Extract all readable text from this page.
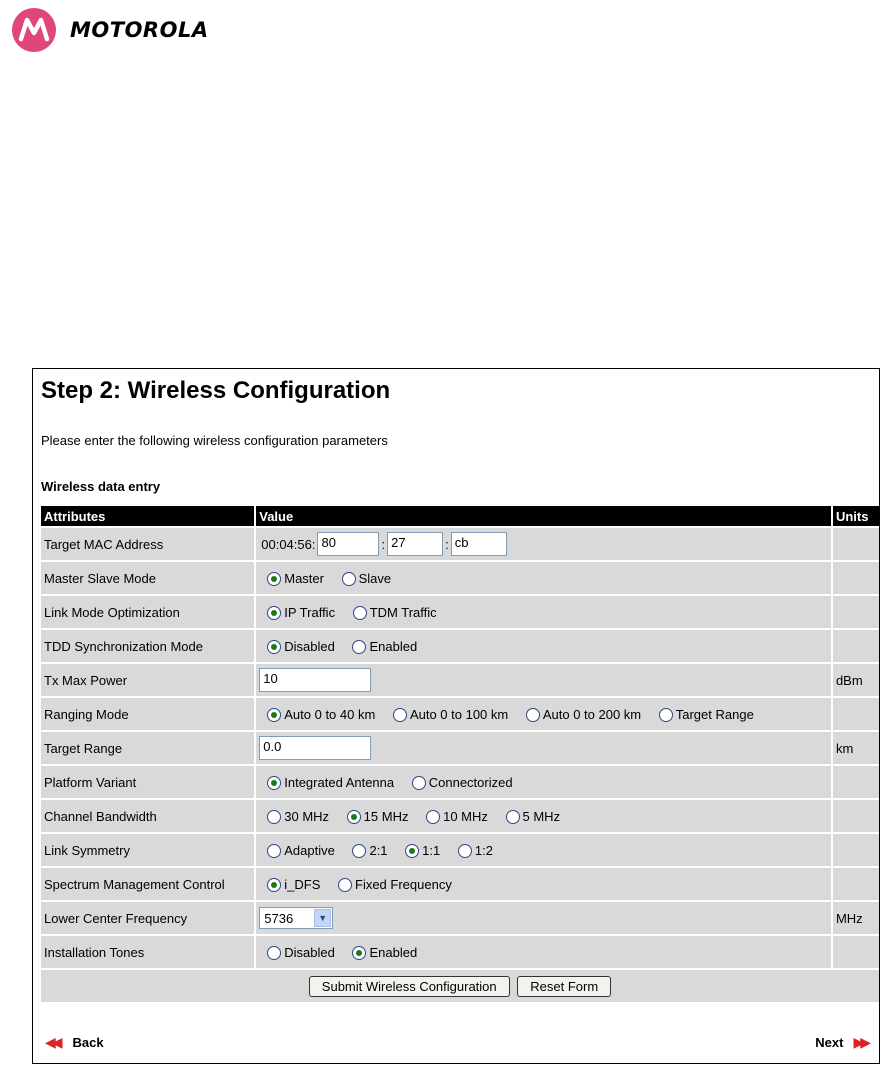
MOTOROLA
Step 2: Wireless Configuration
Please enter the following wireless configuration parameters
Wireless data entry
Attributes	Value	Units
Target MAC Address	00:04:56: 80 : 27 : cb	
Master Slave Mode	Master Slave	
Link Mode Optimization	IP Traffic TDM Traffic	
TDD Synchronization Mode	Disabled Enabled	
Tx Max Power	10	dBm
Ranging Mode	Auto 0 to 40 km Auto 0 to 100 km Auto 0 to 200 km Target Range	
Target Range	0.0	km
Platform Variant	Integrated Antenna Connectorized	
Channel Bandwidth	30 MHz 15 MHz 10 MHz 5 MHz	
Link Symmetry	Adaptive 2:1 1:1 1:2	
Spectrum Management Control	i_DFS Fixed Frequency	
Lower Center Frequency	5736 ▼	MHz
Installation Tones	Disabled Enabled	
Submit Wireless Configuration Reset Form		
◀◀ Back	Next ▶▶
